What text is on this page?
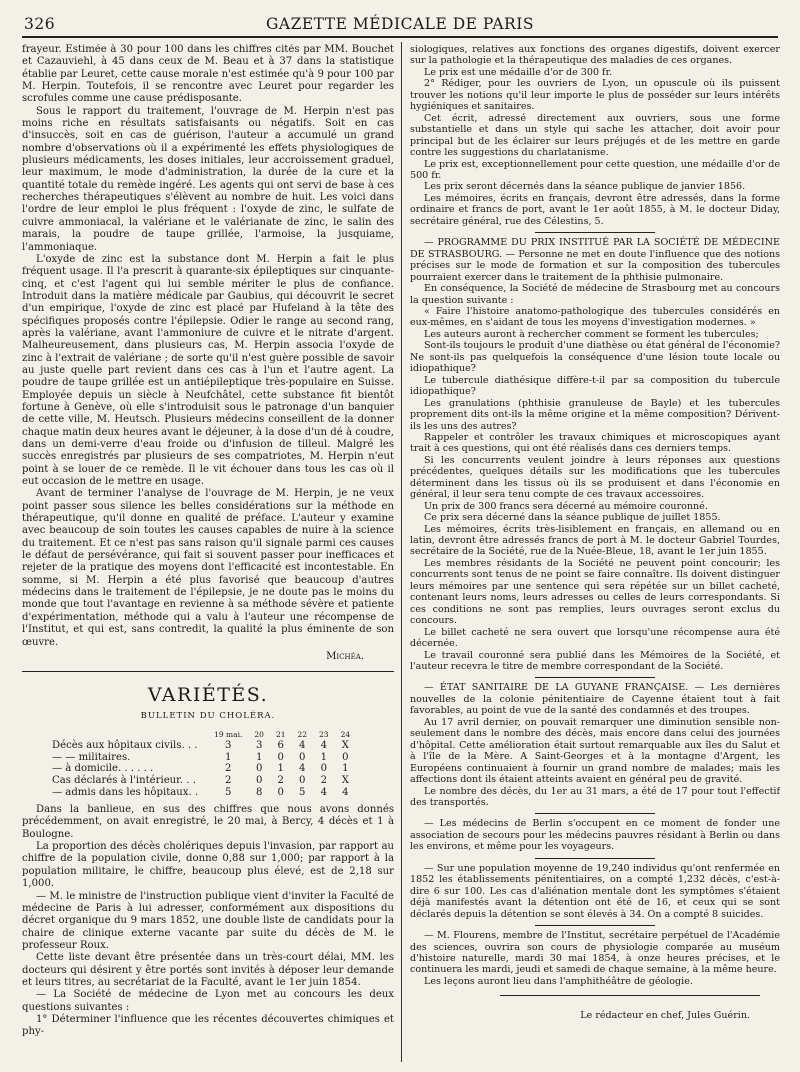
326	GAZETTE MÉDICALE DE PARIS

frayeur. Estimée à 30 pour 100 dans les chiffres cités par MM. Bouchet et Cazauviehl, à 45 dans ceux de M. Beau et à 37 dans la statistique établie par Leuret, cette cause morale n'est estimée qu'à 9 pour 100 par M. Herpin. Toutefois, il se rencontre avec Leuret pour regarder les scrofules comme une cause prédisposante.

Sous le rapport du traitement, l'ouvrage de M. Herpin n'est pas moins riche en résultats satisfaisants ou négatifs. Soit en cas d'insuccès, soit en cas de guérison, l'auteur a accumulé un grand nombre d'observations où il a expérimenté les effets physiologiques de plusieurs médicaments, les doses initiales, leur accroissement graduel, leur maximum, le mode d'administration, la durée de la cure et la quantité totale du remède ingéré. Les agents qui ont servi de base à ces recherches thérapeutiques s'élèvent au nombre de huit. Les voici dans l'ordre de leur emploi le plus fréquent : l'oxyde de zinc, le sulfate de cuivre ammoniacal, la valériane et le valérianate de zinc, le salin des marais, la poudre de taupe grillée, l'armoise, la jusquiame, l'ammoniaque.

L'oxyde de zinc est la substance dont M. Herpin a fait le plus fréquent usage. Il l'a prescrit à quarante-six épileptiques sur cinquante-cinq, et c'est l'agent qui lui semble mériter le plus de confiance. Introduit dans la matière médicale par Gaubius, qui découvrit le secret d'un empirique, l'oxyde de zinc est placé par Hufeland à la tête des spécifiques proposés contre l'épilepsie. Odier le range au second rang, après la valériane, avant l'ammoniure de cuivre et le nitrate d'argent. Malheureusement, dans plusieurs cas, M. Herpin associa l'oxyde de zinc à l'extrait de valériane ; de sorte qu'il n'est guère possible de savoir au juste quelle part revient dans ces cas à l'un et l'autre agent. La poudre de taupe grillée est un antiépileptique très-populaire en Suisse. Employée depuis un siècle à Neufchâtel, cette substance fit bientôt fortune à Genève, où elle s'introduisit sous le patronage d'un banquier de cette ville, M. Heutsch. Plusieurs médecins conseillent de la donner chaque matin deux heures avant le déjeuner, à la dose d'un dé à coudre, dans un demi-verre d'eau froide ou d'infusion de tilleul. Malgré les succès enregistrés par plusieurs de ses compatriotes, M. Herpin n'eut point à se louer de ce remède. Il le vit échouer dans tous les cas où il eut occasion de le mettre en usage.

Avant de terminer l'analyse de l'ouvrage de M. Herpin, je ne veux point passer sous silence les belles considérations sur la méthode en thérapeutique, qu'il donne en qualité de préface. L'auteur y examine avec beaucoup de soin toutes les causes capables de nuire à la science du traitement. Et ce n'est pas sans raison qu'il signale parmi ces causes le défaut de persévérance, qui fait si souvent passer pour inefficaces et rejeter de la pratique des moyens dont l'efficacité est incontestable. En somme, si M. Herpin a été plus favorisé que beaucoup d'autres médecins dans le traitement de l'épilepsie, je ne doute pas le moins du monde que tout l'avantage en revienne à sa méthode sévère et patiente d'expérimentation, méthode qui a valu à l'auteur une récompense de l'Institut, et qui est, sans contredit, la qualité la plus éminente de son œuvre.

Michéa.
VARIÉTÉS.
BULLETIN DU CHOLÉRA.
	19 mai.	20	21	22	23	24
Décès aux hôpitaux civils. . .	3	3	6	4	4	X
— — militaires.	1	1	0	0	1	0
— à domicile. . . . . .	2	0	1	4	0	1
Cas déclarés à l'intérieur. . .	2	0	2	0	2	X
— admis dans les hôpitaux. .	5	8	0	5	4	4

Dans la banlieue, en sus des chiffres que nous avons donnés précédemment, on avait enregistré, le 20 mai, à Bercy, 4 décès et 1 à Boulogne.

La proportion des décès cholériques depuis l'invasion, par rapport au chiffre de la population civile, donne 0,88 sur 1,000; par rapport à la population militaire, le chiffre, beaucoup plus élevé, est de 2,18 sur 1,000.

— M. le ministre de l'instruction publique vient d'inviter la Faculté de médecine de Paris à lui adresser, conformément aux dispositions du décret organique du 9 mars 1852, une double liste de candidats pour la chaire de clinique externe vacante par suite du décès de M. le professeur Roux.

Cette liste devant être présentée dans un très-court délai, MM. les docteurs qui désirent y être portés sont invités à déposer leur demande et leurs titres, au secrétariat de la Faculté, avant le 1er juin 1854.

— La Société de médecine de Lyon met au concours les deux questions suivantes :

1° Déterminer l'influence que les récentes découvertes chimiques et phy-

siologiques, relatives aux fonctions des organes digestifs, doivent exercer sur la pathologie et la thérapeutique des maladies de ces organes.

Le prix est une médaille d'or de 300 fr.

2° Rédiger, pour les ouvriers de Lyon, un opuscule où ils puissent trouver les notions qu'il leur importe le plus de posséder sur leurs intérêts hygiéniques et sanitaires.

Cet écrit, adressé directement aux ouvriers, sous une forme substantielle et dans un style qui sache les attacher, doit avoir pour principal but de les éclairer sur leurs préjugés et de les mettre en garde contre les suggestions du charlatanisme.

Le prix est, exceptionnellement pour cette question, une médaille d'or de 500 fr.

Les prix seront décernés dans la séance publique de janvier 1856.

Les mémoires, écrits en français, devront être adressés, dans la forme ordinaire et francs de port, avant le 1er août 1855, à M. le docteur Diday, secrétaire général, rue des Célestins, 5.

— PROGRAMME DU PRIX INSTITUÉ PAR LA SOCIÉTÉ DE MÉDECINE DE STRASBOURG. — Personne ne met en doute l'influence que des notions précises sur le mode de formation et sur la composition des tubercules pourraient exercer dans le traitement de la phthisie pulmonaire.

En conséquence, la Société de médecine de Strasbourg met au concours la question suivante :

« Faire l'histoire anatomo-pathologique des tubercules considérés en eux-mêmes, en s'aidant de tous les moyens d'investigation modernes. »

Les auteurs auront à rechercher comment se forment les tubercules;

Sont-ils toujours le produit d'une diathèse ou état général de l'économie? Ne sont-ils pas quelquefois la conséquence d'une lésion toute locale ou idiopathique?

Le tubercule diathésique diffère-t-il par sa composition du tubercule idiopathique?

Les granulations (phthisie granuleuse de Bayle) et les tubercules proprement dits ont-ils la même origine et la même composition? Dérivent-ils les uns des autres?

Rappeler et contrôler les travaux chimiques et microscopiques ayant trait à ces questions, qui ont été réalisés dans ces derniers temps.

Si les concurrents veulent joindre à leurs réponses aux questions précédentes, quelques détails sur les modifications que les tubercules déterminent dans les tissus où ils se produisent et dans l'économie en général, il leur sera tenu compte de ces travaux accessoires.

Un prix de 300 francs sera décerné au mémoire couronné.

Ce prix sera décerné dans la séance publique de juillet 1855.

Les mémoires, écrits très-lisiblement en français, en allemand ou en latin, devront être adressés francs de port à M. le docteur Gabriel Tourdes, secrétaire de la Société, rue de la Nuée-Bleue, 18, avant le 1er juin 1855.

Les membres résidants de la Société ne peuvent point concourir; les concurrents sont tenus de ne point se faire connaître. Ils doivent distinguer leurs mémoires par une sentence qui sera répétée sur un billet cacheté, contenant leurs noms, leurs adresses ou celles de leurs correspondants. Si ces conditions ne sont pas remplies, leurs ouvrages seront exclus du concours.

Le billet cacheté ne sera ouvert que lorsqu'une récompense aura été décernée.

Le travail couronné sera publié dans les Mémoires de la Société, et l'auteur recevra le titre de membre correspondant de la Société.

— ÉTAT SANITAIRE DE LA GUYANE FRANÇAISE. — Les dernières nouvelles de la colonie pénitentiaire de Cayenne étaient tout à fait favorables, au point de vue de la santé des condamnés et des troupes.

Au 17 avril dernier, on pouvait remarquer une diminution sensible non-seulement dans le nombre des décès, mais encore dans celui des journées d'hôpital. Cette amélioration était surtout remarquable aux îles du Salut et à l'île de la Mère. A Saint-Georges et à la montagne d'Argent, les Européens continuaient à fournir un grand nombre de malades; mais les affections dont ils étaient atteints avaient en général peu de gravité.

Le nombre des décès, du 1er au 31 mars, a été de 17 pour tout l'effectif des transportés.

— Les médecins de Berlin s'occupent en ce moment de fonder une association de secours pour les médecins pauvres résidant à Berlin ou dans les environs, et même pour les voyageurs.

— Sur une population moyenne de 19,240 individus qu'ont renfermée en 1852 les établissements pénitentiaires, on a compté 1,232 décès, c'est-à-dire 6 sur 100. Les cas d'aliénation mentale dont les symptômes s'étaient déjà manifestés avant la détention ont été de 16, et ceux qui se sont déclarés depuis la détention se sont élevés à 34. On a compté 8 suicides.

— M. Flourens, membre de l'Institut, secrétaire perpétuel de l'Académie des sciences, ouvrira son cours de physiologie comparée au muséum d'histoire naturelle, mardi 30 mai 1854, à onze heures précises, et le continuera les mardi, jeudi et samedi de chaque semaine, à la même heure.

Les leçons auront lieu dans l'amphithéâtre de géologie.

Le rédacteur en chef, Jules Guérin.
